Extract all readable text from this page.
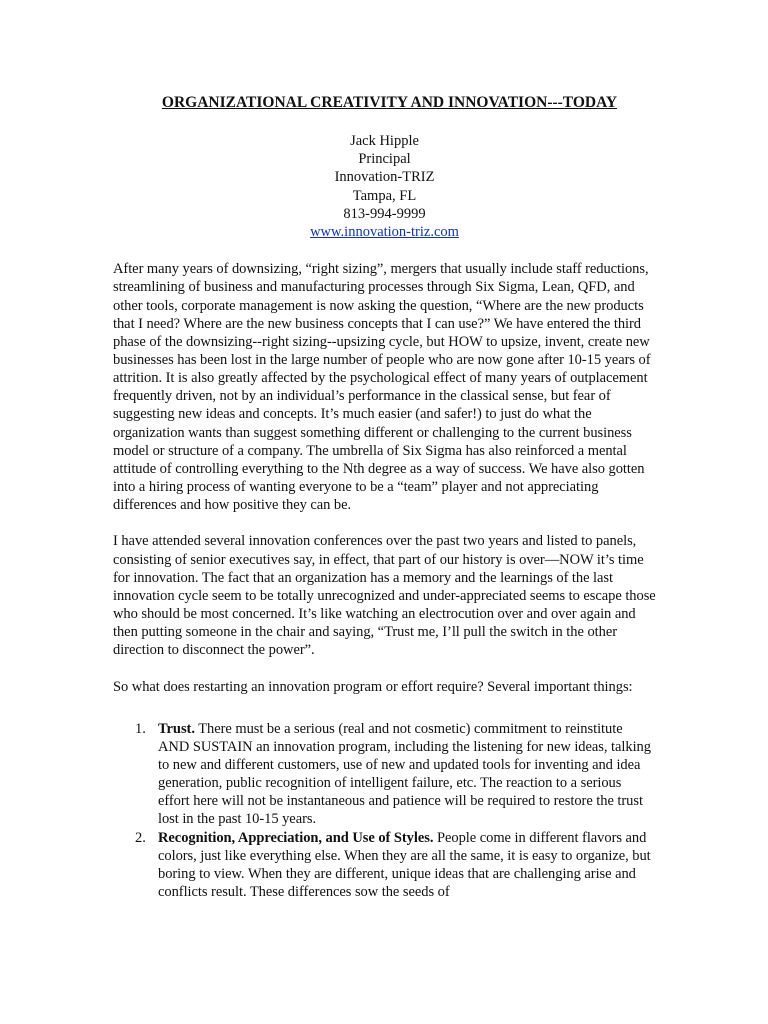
ORGANIZATIONAL CREATIVITY AND INNOVATION---TODAY
Jack Hipple
Principal
Innovation-TRIZ
Tampa, FL
813-994-9999
www.innovation-triz.com

After many years of downsizing, “right sizing”, mergers that usually include staff reductions, streamlining of business and manufacturing processes through Six Sigma, Lean, QFD, and other tools, corporate management is now asking the question, “Where are the new products that I need? Where are the new business concepts that I can use?” We have entered the third phase of the downsizing--right sizing--upsizing cycle, but HOW to upsize, invent, create new businesses has been lost in the large number of people who are now gone after 10-15 years of attrition. It is also greatly affected by the psychological effect of many years of outplacement frequently driven, not by an individual’s performance in the classical sense, but fear of suggesting new ideas and concepts. It’s much easier (and safer!) to just do what the organization wants than suggest something different or challenging to the current business model or structure of a company. The umbrella of Six Sigma has also reinforced a mental attitude of controlling everything to the Nth degree as a way of success. We have also gotten into a hiring process of wanting everyone to be a “team” player and not appreciating differences and how positive they can be.

I have attended several innovation conferences over the past two years and listed to panels, consisting of senior executives say, in effect, that part of our history is over—NOW it’s time for innovation. The fact that an organization has a memory and the learnings of the last innovation cycle seem to be totally unrecognized and under-appreciated seems to escape those who should be most concerned. It’s like watching an electrocution over and over again and then putting someone in the chair and saying, “Trust me, I’ll pull the switch in the other direction to disconnect the power”.

So what does restarting an innovation program or effort require? Several important things:

1. Trust. There must be a serious (real and not cosmetic) commitment to reinstitute AND SUSTAIN an innovation program, including the listening for new ideas, talking to new and different customers, use of new and updated tools for inventing and idea generation, public recognition of intelligent failure, etc. The reaction to a serious effort here will not be instantaneous and patience will be required to restore the trust lost in the past 10-15 years.
2. Recognition, Appreciation, and Use of Styles. People come in different flavors and colors, just like everything else. When they are all the same, it is easy to organize, but boring to view. When they are different, unique ideas that are challenging arise and conflicts result. These differences sow the seeds of
